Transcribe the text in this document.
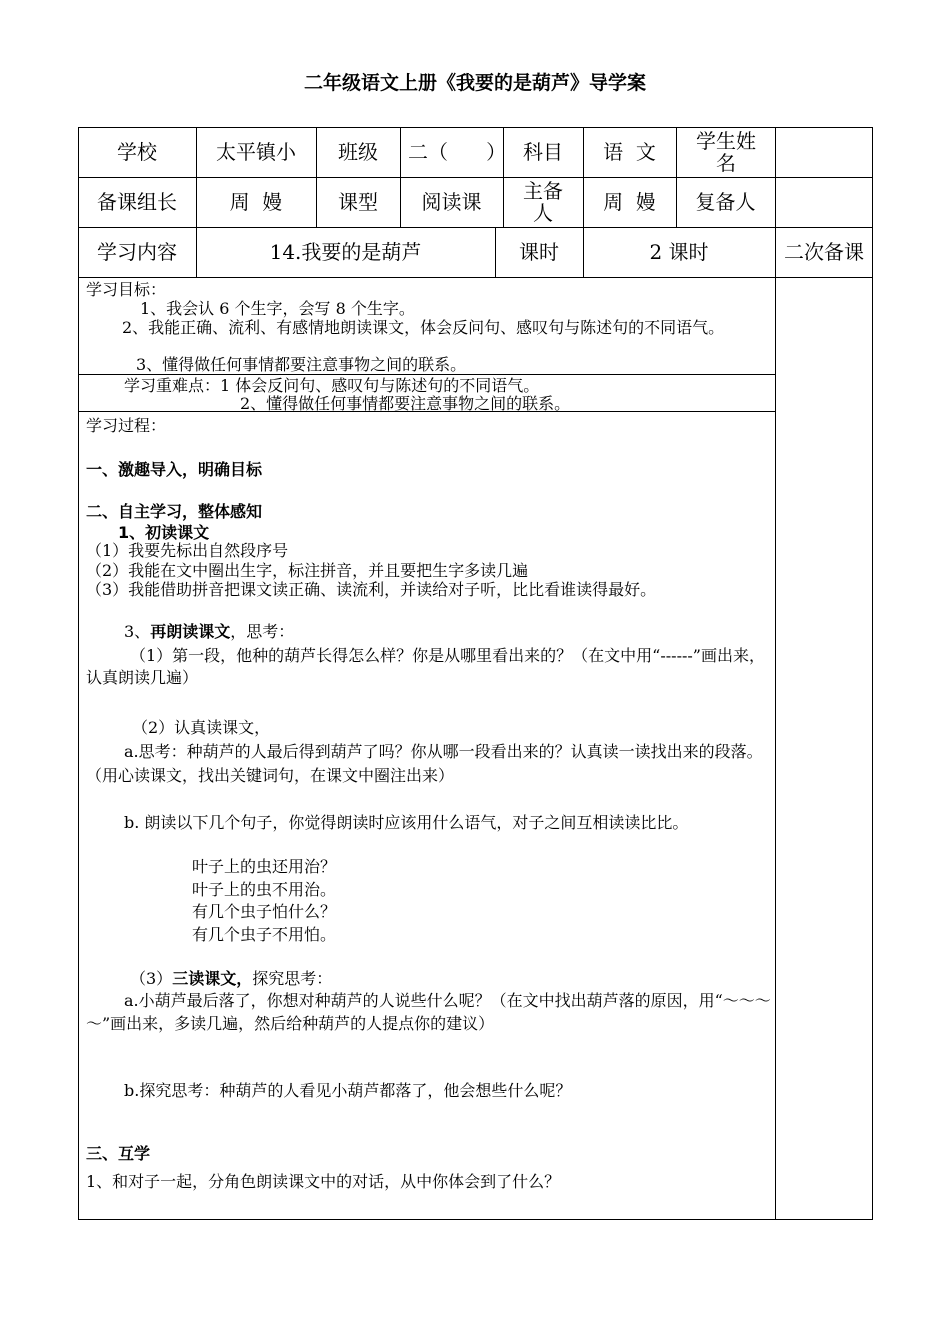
二年级语文上册《我要的是葫芦》导学案
学校	太平镇小	班级	二（      ） 科目	语  文	学生姓名
备课组长	周  嫚	课型	阅读课	主备人	周  嫚	复备人
学习内容	14.我要的是葫芦	课时	2 课时	二次备课
学习目标：
1、我会认 6 个生字，会写 8 个生字。
2、我能正确、流利、有感情地朗读课文，体会反问句、感叹句与陈述句的不同语气。
3、懂得做任何事情都要注意事物之间的联系。
学习重难点：1 体会反问句、感叹句与陈述句的不同语气。
2、懂得做任何事情都要注意事物之间的联系。
学习过程：
一、激趣导入，明确目标
二、自主学习，整体感知
1、初读课文
（1）我要先标出自然段序号
（2）我能在文中圈出生字，标注拼音，并且要把生字多读几遍
（3）我能借助拼音把课文读正确、读流利，并读给对子听，比比看谁读得最好。
3、再朗读课文，思考：
（1）第一段，他种的葫芦长得怎么样？你是从哪里看出来的？（在文中用“------”画出来，认真朗读几遍）
（2）认真读课文，
a.思考：种葫芦的人最后得到葫芦了吗？你从哪一段看出来的？认真读一读找出来的段落。（用心读课文，找出关键词句，在课文中圈注出来）
b. 朗读以下几个句子，你觉得朗读时应该用什么语气，对子之间互相读读比比。
叶子上的虫还用治？
叶子上的虫不用治。
有几个虫子怕什么？
有几个虫子不用怕。
（3）三读课文，探究思考：
a.小葫芦最后落了，你想对种葫芦的人说些什么呢？（在文中找出葫芦落的原因，用“～～～～”画出来，多读几遍，然后给种葫芦的人提点你的建议）
b.探究思考：种葫芦的人看见小葫芦都落了，他会想些什么呢？
三、互学
1、和对子一起，分角色朗读课文中的对话，从中你体会到了什么？
